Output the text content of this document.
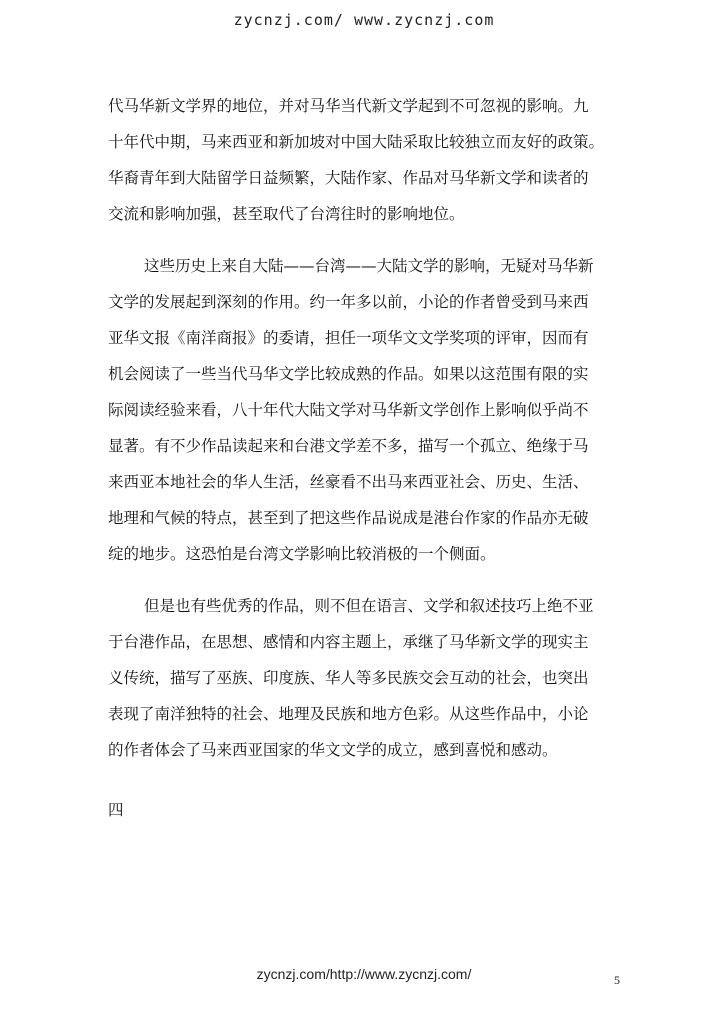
zycnzj.com/ www.zycnzj.com
代马华新文学界的地位，并对马华当代新文学起到不可忽视的影响。九
十年代中期，马来西亚和新加坡对中国大陆采取比较独立而友好的政策。
华裔青年到大陆留学日益频繁，大陆作家、作品对马华新文学和读者的
交流和影响加强，甚至取代了台湾往时的影响地位。
这些历史上来自大陆——台湾——大陆文学的影响，无疑对马华新
文学的发展起到深刻的作用。约一年多以前，小论的作者曾受到马来西
亚华文报《南洋商报》的委请，担任一项华文文学奖项的评审，因而有
机会阅读了一些当代马华文学比较成熟的作品。如果以这范围有限的实
际阅读经验来看，八十年代大陆文学对马华新文学创作上影响似乎尚不
显著。有不少作品读起来和台港文学差不多，描写一个孤立、绝缘于马
来西亚本地社会的华人生活，丝豪看不出马来西亚社会、历史、生活、
地理和气候的特点，甚至到了把这些作品说成是港台作家的作品亦无破
绽的地步。这恐怕是台湾文学影响比较消极的一个侧面。
但是也有些优秀的作品，则不但在语言、文学和叙述技巧上绝不亚
于台港作品，在思想、感情和内容主题上，承继了马华新文学的现实主
义传统，描写了巫族、印度族、华人等多民族交会互动的社会，也突出
表现了南洋独特的社会、地理及民族和地方色彩。从这些作品中，小论
的作者体会了马来西亚国家的华文文学的成立，感到喜悦和感动。
四
zycnzj.com/http://www.zycnzj.com/	5
